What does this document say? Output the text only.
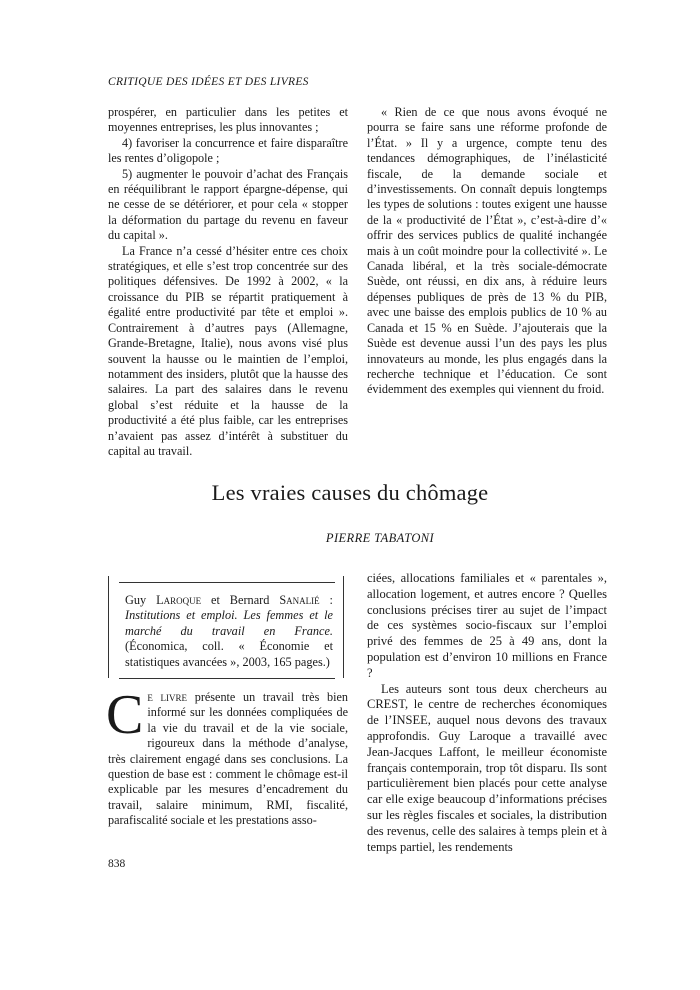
CRITIQUE DES IDÉES ET DES LIVRES

prospérer, en particulier dans les petites et moyennes entreprises, les plus innovantes ;

4) favoriser la concurrence et faire disparaître les rentes d’oligopole ;

5) augmenter le pouvoir d’achat des Français en rééquilibrant le rapport épargne-dépense, qui ne cesse de se détériorer, et pour cela « stopper la déformation du partage du revenu en faveur du capital ».

La France n’a cessé d’hésiter entre ces choix stratégiques, et elle s’est trop concentrée sur des politiques défensives. De 1992 à 2002, « la croissance du PIB se répartit pratiquement à égalité entre productivité par tête et emploi ». Contrairement à d’autres pays (Allemagne, Grande-Bretagne, Italie), nous avons visé plus souvent la hausse ou le maintien de l’emploi, notamment des insiders, plutôt que la hausse des salaires. La part des salaires dans le revenu global s’est réduite et la hausse de la productivité a été plus faible, car les entreprises n’avaient pas assez d’intérêt à substituer du capital au travail.

« Rien de ce que nous avons évoqué ne pourra se faire sans une réforme profonde de l’État. » Il y a urgence, compte tenu des tendances démographiques, de l’inélasticité fiscale, de la demande sociale et d’investissements. On connaît depuis longtemps les types de solutions : toutes exigent une hausse de la « productivité de l’État », c’est-à-dire d’« offrir des services publics de qualité inchangée mais à un coût moindre pour la collectivité ». Le Canada libéral, et la très sociale-démocrate Suède, ont réussi, en dix ans, à réduire leurs dépenses publiques de près de 13 % du PIB, avec une baisse des emplois publics de 10 % au Canada et 15 % en Suède. J’ajouterais que la Suède est devenue aussi l’un des pays les plus innovateurs au monde, les plus engagés dans la recherche technique et l’éducation. Ce sont évidemment des exemples qui viennent du froid.

Les vraies causes du chômage
PIERRE TABATONI
Guy Laroque et Bernard Sanalié : Institutions et emploi. Les femmes et le marché du travail en France. (Économica, coll. « Économie et statistiques avancées », 2003, 165 pages.)

Ce livre présente un travail très bien informé sur les données compliquées de la vie du travail et de la vie sociale, rigoureux dans la méthode d’analyse, très clairement engagé dans ses conclusions. La question de base est : comment le chômage est-il explicable par les mesures d’encadrement du travail, salaire minimum, RMI, fiscalité, parafiscalité sociale et les prestations asso-

ciées, allocations familiales et « parentales », allocation logement, et autres encore ? Quelles conclusions précises tirer au sujet de l’impact de ces systèmes socio-fiscaux sur l’emploi privé des femmes de 25 à 49 ans, dont la population est d’environ 10 millions en France ?

Les auteurs sont tous deux chercheurs au CREST, le centre de recherches économiques de l’INSEE, auquel nous devons des travaux approfondis. Guy Laroque a travaillé avec Jean-Jacques Laffont, le meilleur économiste français contemporain, trop tôt disparu. Ils sont particulièrement bien placés pour cette analyse car elle exige beaucoup d’informations précises sur les règles fiscales et sociales, la distribution des revenus, celle des salaires à temps plein et à temps partiel, les rendements

838
